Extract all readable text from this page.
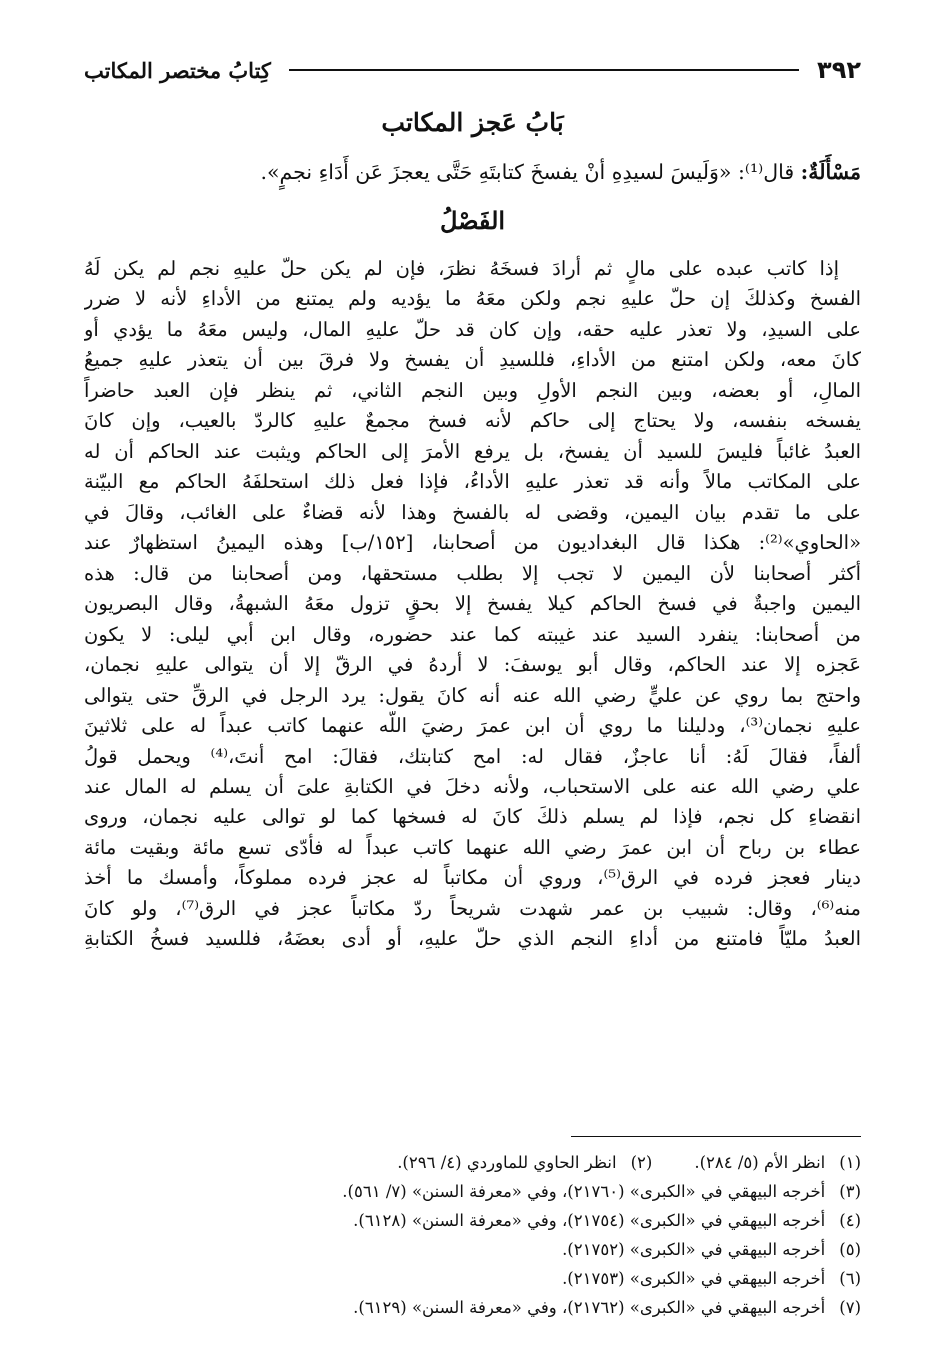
٣٩٢
كِتابُ مختصر المكاتب
بَابُ عَجز المكاتب
مَسْأَلَةٌ: قال⁽¹⁾: «وَلَيسَ لسيدِهِ أنْ يفسخَ كتابتَهِ حَتَّى يعجزَ عَن أَدَاءِ نجمٍ».
الفَصْلُ
إذا كاتب عبده على مالٍ ثم أرادَ فسخَهُ نظرَ، فإن لم يكن حلّ عليهِ نجم لم يكن لَهُ
الفسخ وكذلكَ إن حلّ عليهِ نجم ولكن معَهُ ما يؤديه ولم يمتنع من الأداءِ لأنه لا ضرر
على السيدِ، ولا تعذر عليه حقه، وإن كان قد حلّ عليهِ المال، وليس معَهُ ما يؤدي أو
كانَ معه، ولكن امتنع من الأداءِ، فللسيدِ أن يفسخ ولا فرقَ بين أن يتعذر عليهِ جميعُ
المالِ، أو بعضه، وبين النجم الأولِ وبين النجم الثاني، ثم ينظر فإن العبد حاضراً
يفسخه بنفسه، ولا يحتاج إلى حاكم لأنه فسخ مجمعٌ عليهِ كالردّ بالعيب، وإن كانَ
العبدُ غائباً فليسَ للسيد أن يفسخ، بل يرفع الأمرَ إلى الحاكم ويثبت عند الحاكم أن له
على المكاتب مالاً وأنه قد تعذر عليهِ الأداءُ، فإذا فعل ذلك استحلفَهُ الحاكم مع البيّنة
على ما تقدم بيان اليمين، وقضى له بالفسخ وهذا لأنه قضاءٌ على الغائب، وقالَ في
«الحاوي»⁽²⁾: هكذا قال البغداديون من أصحابنا، [١٥٢/ب] وهذه اليمينُ استظهارٌ عند
أكثر أصحابنا لأن اليمين لا تجب إلا بطلب مستحقها، ومن أصحابنا من قال: هذه
اليمين واجبةٌ في فسخ الحاكم كيلا يفسخ إلا بحقٍ تزول معَهُ الشبهةُ، وقال البصريون
من أصحابنا: ينفرد السيد عند غيبته كما عند حضوره، وقال ابن أبي ليلى: لا يكون
عَجزه إلا عند الحاكم، وقال أبو يوسفَ: لا أردهُ في الرقّ إلا أن يتوالى عليهِ نجمان،
واحتج بما روي عن عليٍّ رضي الله عنه أنه كانَ يقول: يرد الرجل في الرقِّ حتى يتوالى
عليهِ نجمان⁽³⁾، ودليلنا ما روي أن ابن عمرَ رضيَ اللّه عنهما كاتب عبداً له على ثلاثينَ
ألفاً، فقالَ لَهُ: أنا عاجزٌ، فقال له: امح كتابتك، فقالَ: امح أنتَ،⁽⁴⁾ ويحمل قولُ
علي رضي الله عنه على الاستحباب، ولأنه دخلَ في الكتابةِ علىَ أن يسلم له المال عند
انقضاءِ كل نجم، فإذا لم يسلم ذلكَ كانَ له فسخها كما لو توالى عليه نجمان، وروى
عطاء بن رباح أن ابن عمرَ رضي الله عنهما كاتب عبداً له فأدّى تسع مائة وبقيت مائة
دينار فعجز فرده في الرق⁽⁵⁾، وروي أن مكاتباً له عجز فرده مملوكاً، وأمسك ما أخذ
منه⁽⁶⁾، وقال: شبيب بن عمر شهدت شريحاً ردّ مكاتباً عجز في الرق⁽⁷⁾، ولو كانَ
العبدُ مليّاً فامتنع من أداءِ النجم الذي حلّ عليهِ، أو أدى بعضَهُ، فللسيد فسخُ الكتابةِ
(١)
انظر الأم (٥/ ٢٨٤).
(٢)
انظر الحاوي للماوردي (٤/ ٢٩٦).
(٣)
أخرجه البيهقي في «الكبرى» (٢١٧٦٠)، وفي «معرفة السنن» (٧/ ٥٦١).
(٤)
أخرجه البيهقي في «الكبرى» (٢١٧٥٤)، وفي «معرفة السنن» (٦١٢٨).
(٥)
أخرجه البيهقي في «الكبرى» (٢١٧٥٢).
(٦)
أخرجه البيهقي في «الكبرى» (٢١٧٥٣).
(٧)
أخرجه البيهقي في «الكبرى» (٢١٧٦٢)، وفي «معرفة السنن» (٦١٢٩).
